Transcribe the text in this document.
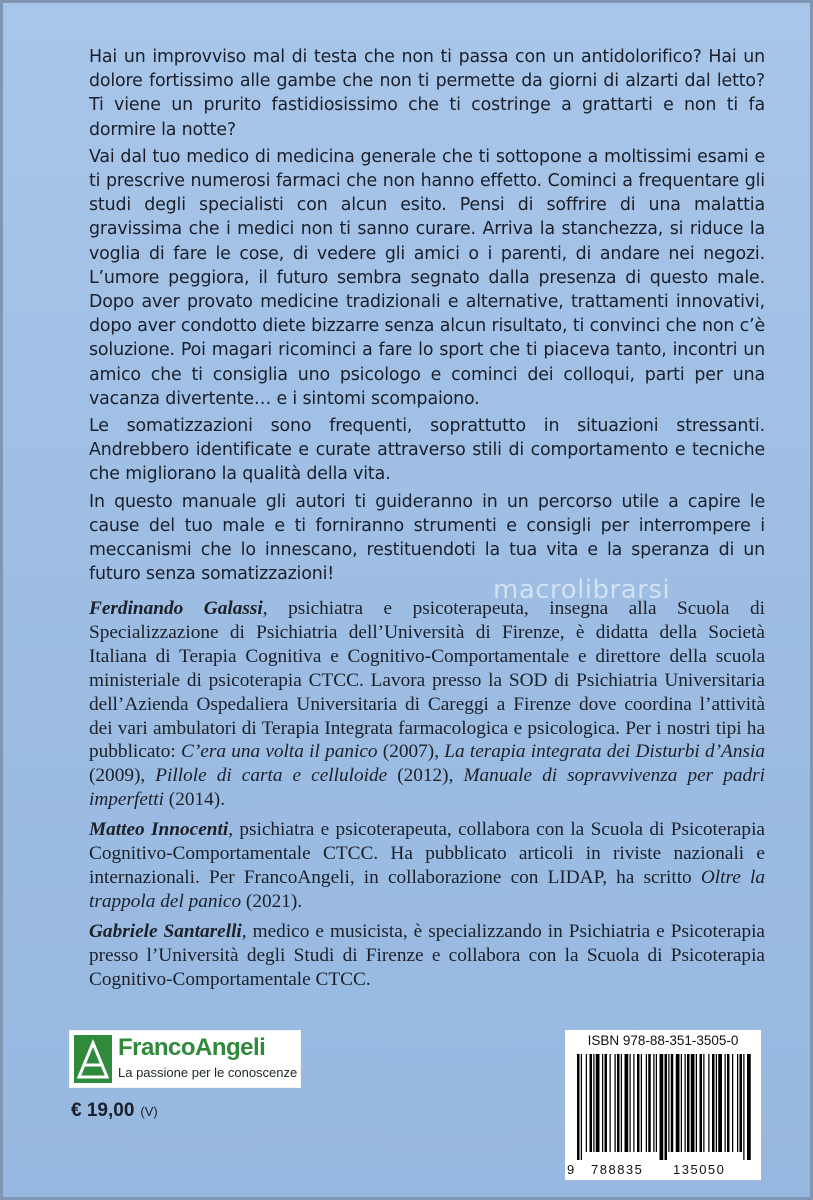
Hai un improvviso mal di testa che non ti passa con un antidolorifico? Hai un dolore fortissimo alle gambe che non ti permette da giorni di alzarti dal letto? Ti viene un prurito fastidiosissimo che ti costringe a grattarti e non ti fa dormire la notte?

Vai dal tuo medico di medicina generale che ti sottopone a moltissimi esami e ti prescrive numerosi farmaci che non hanno effetto. Comincі a frequentare gli studi degli specialisti con alcun esito. Pensi di soffrire di una malattia gravissima che i medici non ti sanno curare. Arriva la stanchezza, si riduce la voglia di fare le cose, di vedere gli amici o i parenti, di andare nei negozi. L’umore peggiora, il futuro sembra segnato dalla presenza di questo male. Dopo aver provato medicine tradizionali e alternative, trattamenti innovativi, dopo aver condotto diete bizzarre senza alcun risultato, ti convinci che non c’è soluzione. Poi magari ricominci a fare lo sport che ti piaceva tanto, incontri un amico che ti consiglia uno psicologo e cominci dei colloqui, parti per una vacanza divertente… e i sintomi scompaiono.

Le somatizzazioni sono frequenti, soprattutto in situazioni stressanti. Andrebbero identificate e curate attraverso stili di comportamento e tecniche che migliorano la qualità della vita.

In questo manuale gli autori ti guideranno in un percorso utile a capire le cause del tuo male e ti forniranno strumenti e consigli per interrompere i meccanismi che lo innescano, restituendoti la tua vita e la speranza di un futuro senza somatizzazioni!

macrolibrarsi

Ferdinando Galassi, psichiatra e psicoterapeuta, insegna alla Scuola di Specializzazione di Psichiatria dell’Università di Firenze, è didatta della Società Italiana di Terapia Cognitiva e Cognitivo-Comportamentale e direttore della scuola ministeriale di psicoterapia CTCC. Lavora presso la SOD di Psichiatria Universitaria dell’Azienda Ospedaliera Universitaria di Careggi a Firenze dove coordina l’attività dei vari ambulatori di Terapia Integrata farmacologica e psicologica. Per i nostri tipi ha pubblicato: C’era una volta il panico (2007), La terapia integrata dei Disturbi d’Ansia (2009), Pillole di carta e celluloide (2012), Manuale di sopravvivenza per padri imperfetti (2014).

Matteo Innocenti, psichiatra e psicoterapeuta, collabora con la Scuola di Psicoterapia Cognitivo-Comportamentale CTCC. Ha pubblicato articoli in riviste nazionali e internazionali. Per FrancoAngeli, in collaborazione con LIDAP, ha scritto Oltre la trappola del panico (2021).

Gabriele Santarelli, medico e musicista, è specializzando in Psichiatria e Psicoterapia presso l’Università degli Studi di Firenze e collabora con la Scuola di Psicoterapia Cognitivo-Comportamentale CTCC.

FrancoAngeli
La passione per le conoscenze
€ 19,00 (V)
ISBN 978-88-351-3505-0
9 788835 135050
